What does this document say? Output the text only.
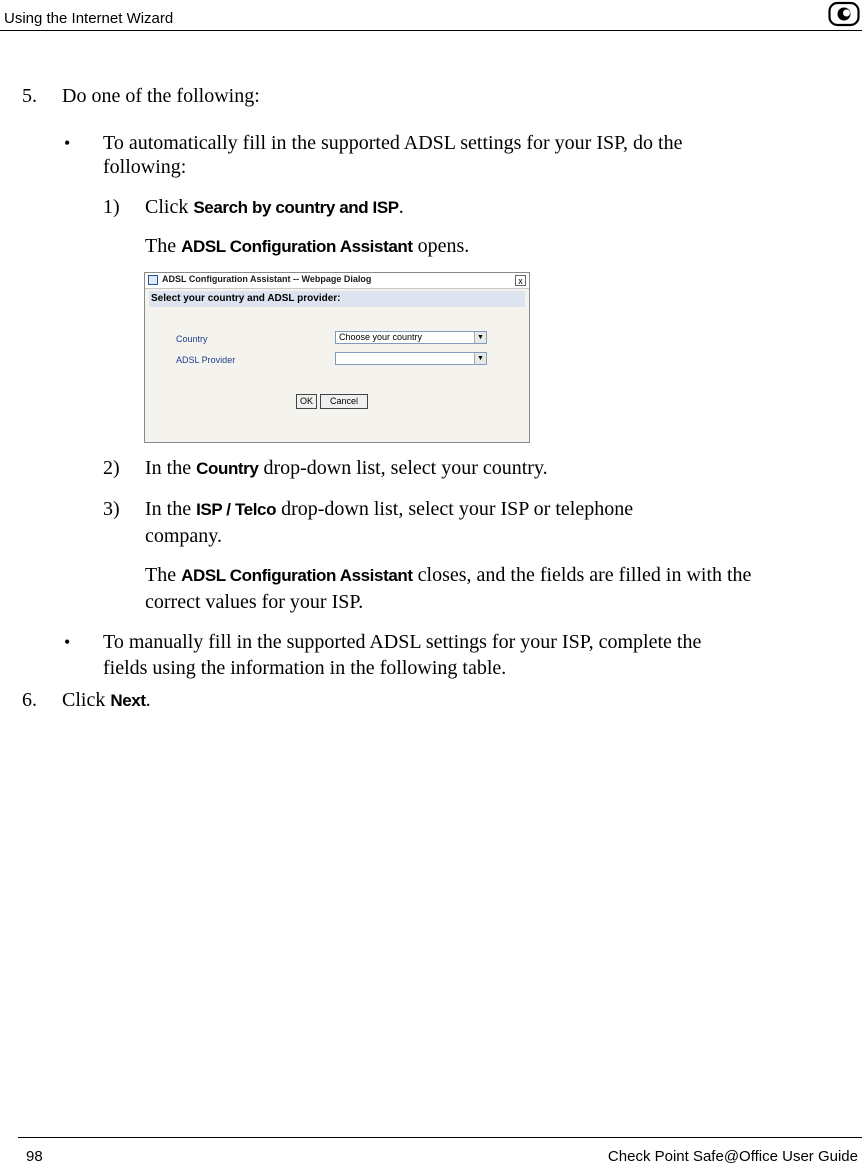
Using the Internet Wizard
5. Do one of the following:
• To automatically fill in the supported ADSL settings for your ISP, do the
following:
1) Click Search by country and ISP.
The ADSL Configuration Assistant opens.
ADSL Configuration Assistant -- Webpage Dialog	x
Select your country and ADSL provider:
Country	Choose your country	▼
ADSL Provider	▼
OK	Cancel
2) In the Country drop-down list, select your country.
3) In the ISP / Telco drop-down list, select your ISP or telephone
company.
The ADSL Configuration Assistant closes, and the fields are filled in with the
correct values for your ISP.
• To manually fill in the supported ADSL settings for your ISP, complete the
fields using the information in the following table.
6. Click Next.
98	Check Point Safe@Office User Guide
